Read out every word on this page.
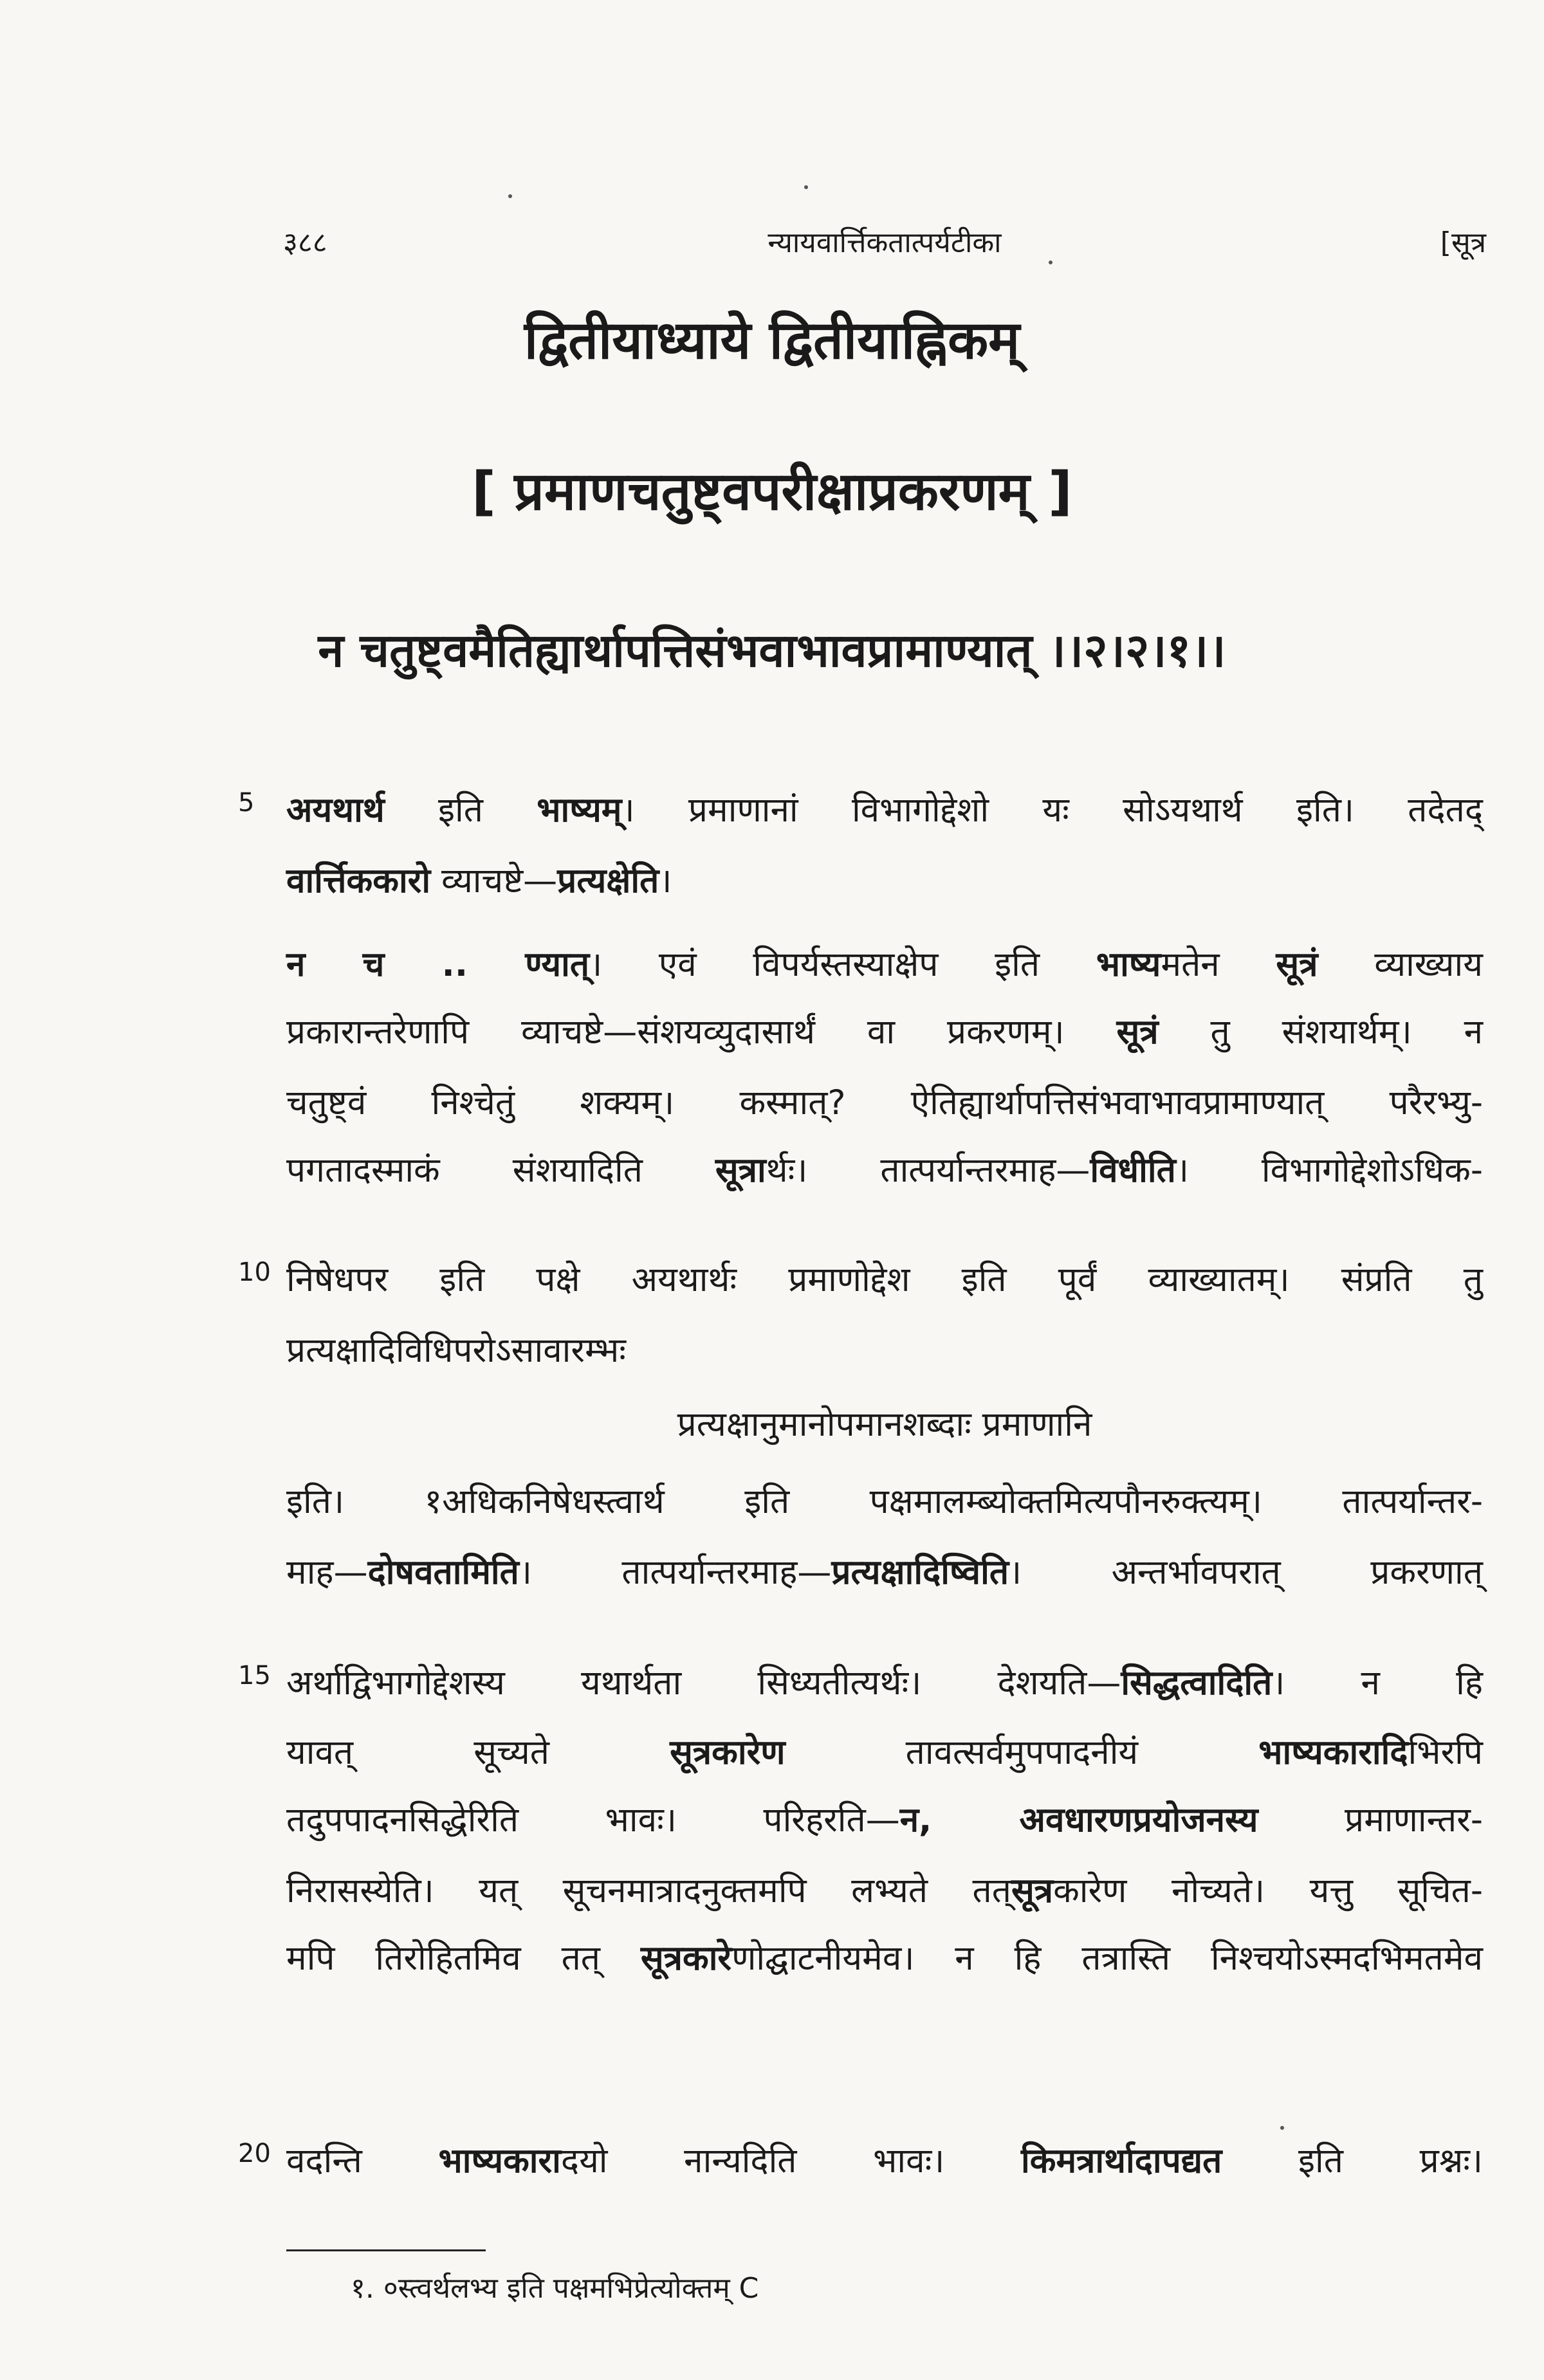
३८८	न्यायवार्त्तिकतात्पर्यटीका	[सूत्र
द्वितीयाध्याये द्वितीयाह्निकम्
[ प्रमाणचतुष्ट्वपरीक्षाप्रकरणम् ]
न चतुष्ट्वमैतिह्यार्थापत्तिसंभवाभावप्रामाण्यात् ।।२।२।१।।
अयथार्थ इति भाष्यम्। प्रमाणानां विभागोद्देशो यः सोऽयथार्थ इति। तदेतद्
वार्त्तिककारो व्याचष्टे—प्रत्यक्षेति।
न च .. ण्यात्। एवं विपर्यस्तस्याक्षेप इति भाष्यमतेन सूत्रं व्याख्याय
प्रकारान्तरेणापि व्याचष्टे—संशयव्युदासार्थं वा प्रकरणम्। सूत्रं तु संशयार्थम्। न
चतुष्ट्वं निश्चेतुं शक्यम्। कस्मात्? ऐतिह्यार्थापत्तिसंभवाभावप्रामाण्यात् परैरभ्यु-
पगतादस्माकं संशयादिति सूत्रार्थः। तात्पर्यान्तरमाह—विधीति। विभागोद्देशोऽधिक-
निषेधपर इति पक्षे अयथार्थः प्रमाणोद्देश इति पूर्वं व्याख्यातम्। संप्रति तु
प्रत्यक्षादिविधिपरोऽसावारम्भः
प्रत्यक्षानुमानोपमानशब्दाः प्रमाणानि
इति। १अधिकनिषेधस्त्वार्थ इति पक्षमालम्ब्योक्तमित्यपौनरुक्त्यम्। तात्पर्यान्तर-
माह—दोषवतामिति। तात्पर्यान्तरमाह—प्रत्यक्षादिष्विति। अन्तर्भावपरात् प्रकरणात्
अर्थाद्विभागोद्देशस्य यथार्थता सिध्यतीत्यर्थः। देशयति—सिद्धत्वादिति। न हि
यावत् सूच्यते सूत्रकारेण तावत्सर्वमुपपादनीयं भाष्यकारादिभिरपि
तदुपपादनसिद्धेरिति भावः। परिहरति—न, अवधारणप्रयोजनस्य प्रमाणान्तर-
निरासस्येति। यत् सूचनमात्रादनुक्तमपि लभ्यते तत्सूत्रकारेण नोच्यते। यत्तु सूचित-
मपि तिरोहितमिव तत् सूत्रकारेणोद्घाटनीयमेव। न हि तत्रास्ति निश्चयोऽस्मदभिमतमेव
वदन्ति भाष्यकारादयो नान्यदिति भावः। किमत्रार्थादापद्यत इति प्रश्नः।
5
10
15
20
१. ०स्त्वर्थलभ्य इति पक्षमभिप्रेत्योक्तम् C
